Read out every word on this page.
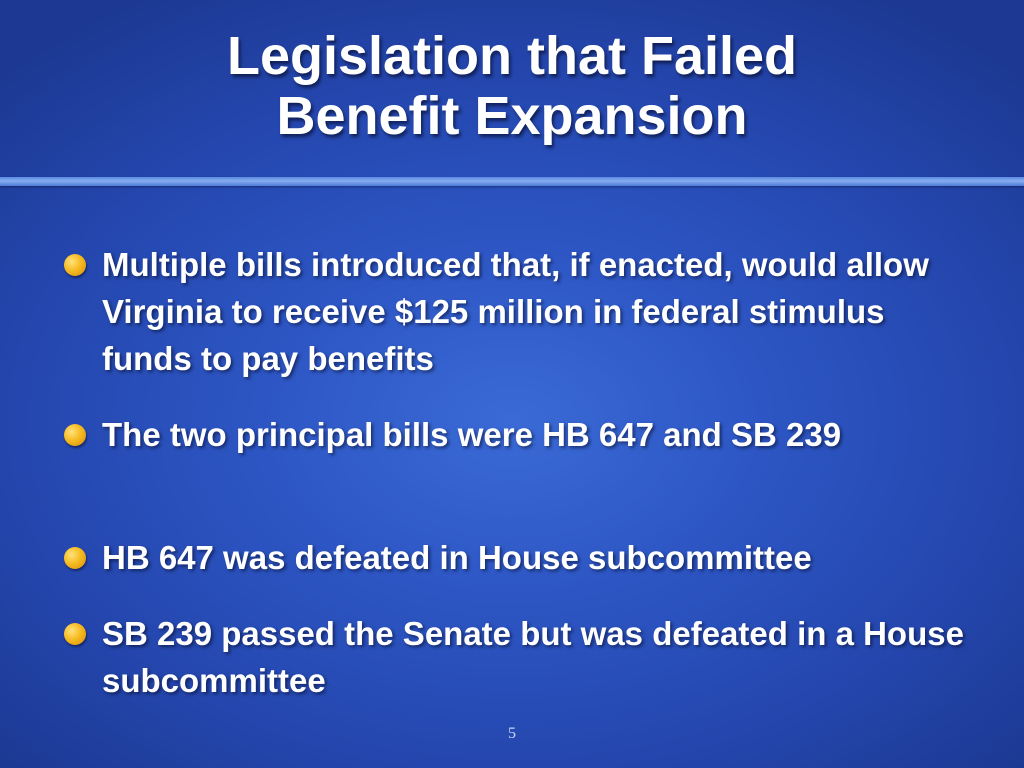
Legislation that Failed
Benefit Expansion
Multiple bills introduced that, if enacted, would allow Virginia to receive $125 million in federal stimulus funds to pay benefits
The two principal bills were HB 647 and SB 239
HB 647 was defeated in House subcommittee
SB 239 passed the Senate but was defeated in a House subcommittee
5
